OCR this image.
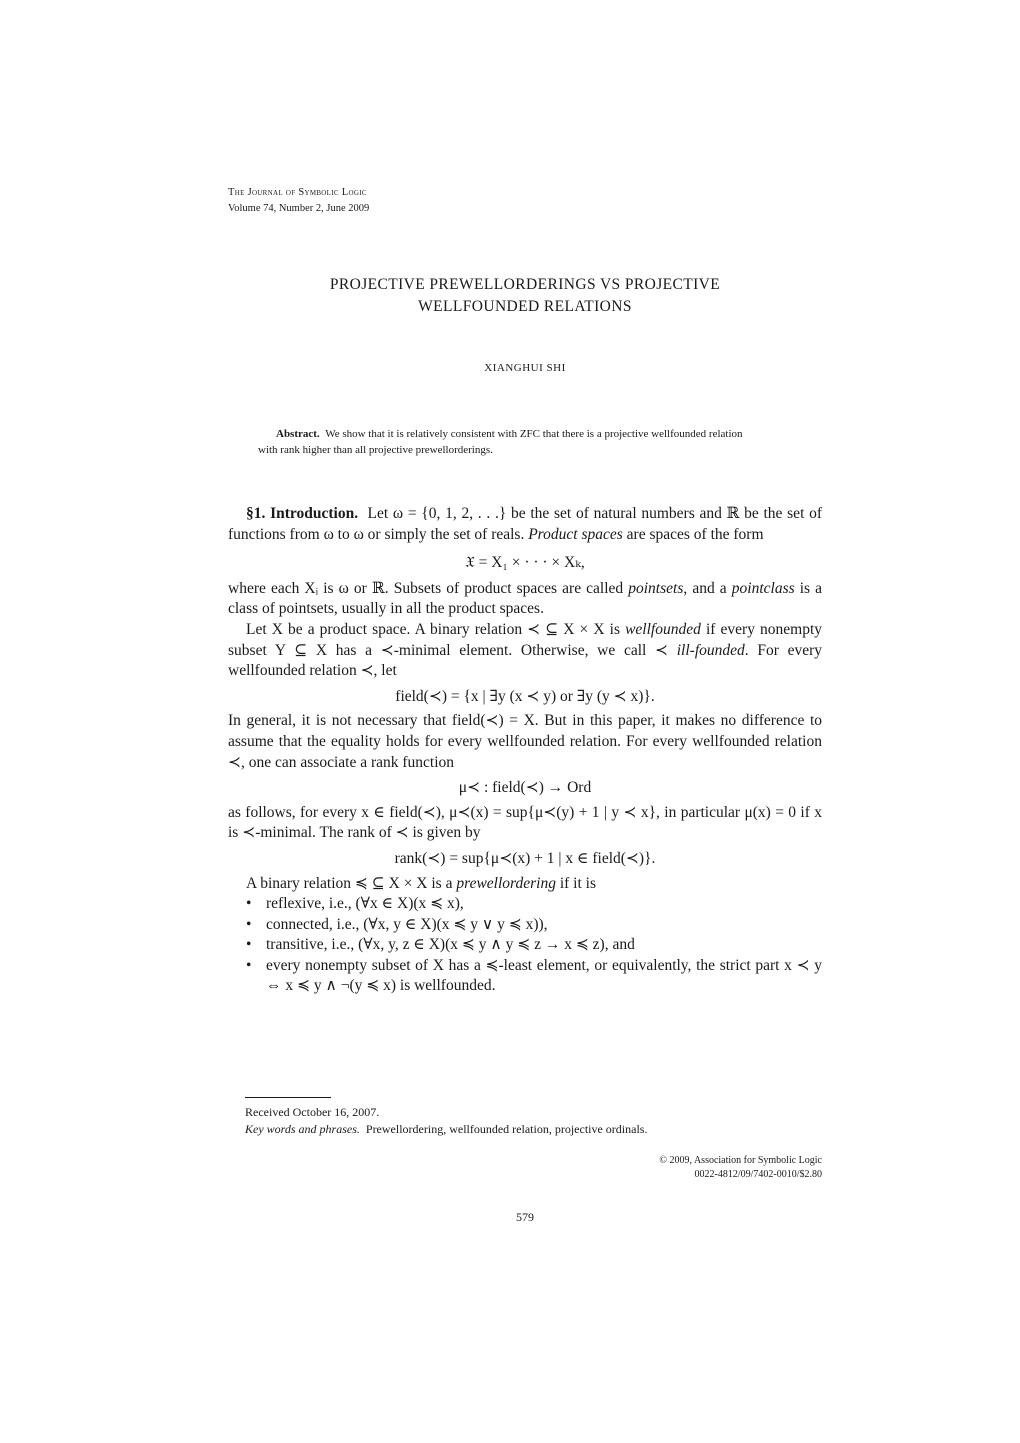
The Journal of Symbolic Logic
Volume 74, Number 2, June 2009
PROJECTIVE PREWELLORDERINGS VS PROJECTIVE
WELLFOUNDED RELATIONS
XIANGHUI SHI
Abstract. We show that it is relatively consistent with ZFC that there is a projective wellfounded relation
with rank higher than all projective prewellorderings.

§1. Introduction. Let ω = {0, 1, 2, . . .} be the set of natural numbers and ℝ be the set of functions from ω to ω or simply the set of reals. Product spaces are spaces of the form

𝔛 = X₁ × · · · × Xₖ,

where each Xᵢ is ω or ℝ. Subsets of product spaces are called pointsets, and a pointclass is a class of pointsets, usually in all the product spaces.

Let X be a product space. A binary relation ≺ ⊆ X × X is wellfounded if every nonempty subset Y ⊆ X has a ≺-minimal element. Otherwise, we call ≺ ill-founded. For every wellfounded relation ≺, let

field(≺) = {x | ∃y (x ≺ y) or ∃y (y ≺ x)}.

In general, it is not necessary that field(≺) = X. But in this paper, it makes no difference to assume that the equality holds for every wellfounded relation. For every wellfounded relation ≺, one can associate a rank function

μ≺ : field(≺) → Ord

as follows, for every x ∈ field(≺), μ≺(x) = sup{μ≺(y) + 1 | y ≺ x}, in particular μ(x) = 0 if x is ≺-minimal. The rank of ≺ is given by

rank(≺) = sup{μ≺(x) + 1 | x ∈ field(≺)}.

A binary relation ≼ ⊆ X × X is a prewellordering if it is

• reflexive, i.e., (∀x ∈ X)(x ≼ x),
• connected, i.e., (∀x, y ∈ X)(x ≼ y ∨ y ≼ x)),
• transitive, i.e., (∀x, y, z ∈ X)(x ≼ y ∧ y ≼ z → x ≼ z), and
• every nonempty subset of X has a ≼-least element, or equivalently, the strict part x ≺ y ⇔ x ≼ y ∧ ¬(y ≼ x) is wellfounded.
Received October 16, 2007.
Key words and phrases. Prewellordering, wellfounded relation, projective ordinals.
© 2009, Association for Symbolic Logic
0022-4812/09/7402-0010/$2.80
579
